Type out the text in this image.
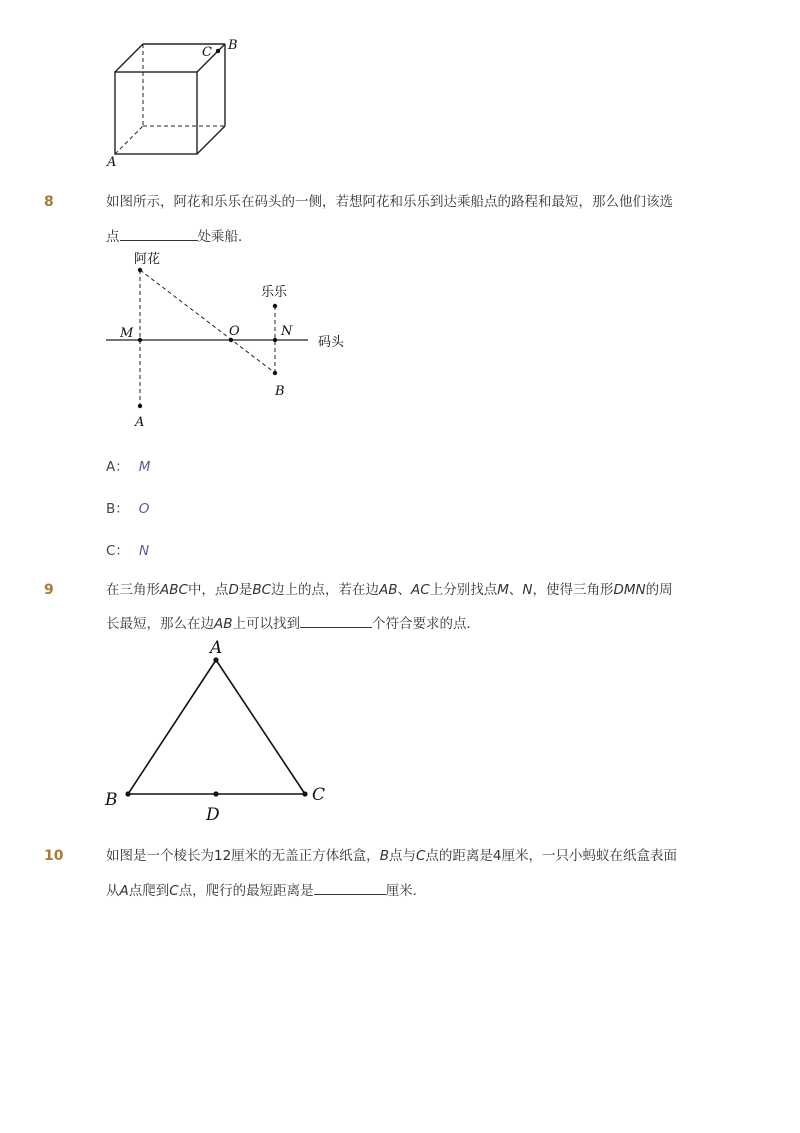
C B
A
8	如图所示，阿花和乐乐在码头的一侧，若想阿花和乐乐到达乘船点的路程和最短，那么他们该选
点	处乘船．
阿花
乐乐
码头
M	O	N
A
B
A： M
B： O
C： N
9	在三角形ABC中，点D是BC边上的点，若在边AB、AC上分别找点M、N，使得三角形DMN的周
长最短，那么在边AB上可以找到	个符合要求的点．
A
B	C
D
10	如图是一个棱长为12厘米的无盖正方体纸盒，B点与C点的距离是4厘米，一只小蚂蚁在纸盒表面
从A点爬到C点，爬行的最短距离是	厘米．
